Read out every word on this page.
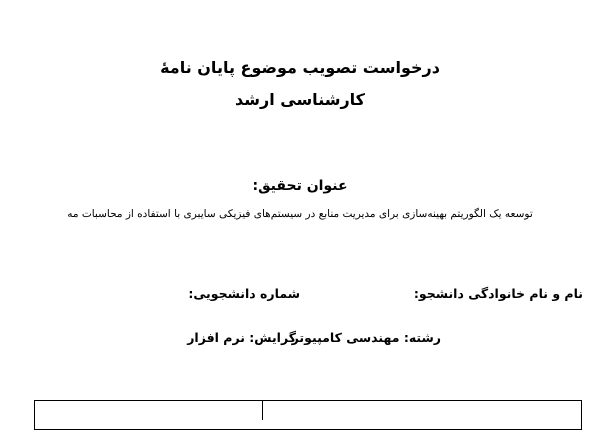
درخواست تصویب موضوع پایان نامهٔ
کارشناسی ارشد
عنوان تحقیق:
توسعه یک الگوریتم بهینه‌سازی برای مدیریت منابع در سیستم‌های فیزیکی سایبری با استفاده از محاسبات مه
نام و نام خانوادگی دانشجو:
شماره دانشجویی:
رشته: مهندسی کامپیوتر
گرایش: نرم افزار
